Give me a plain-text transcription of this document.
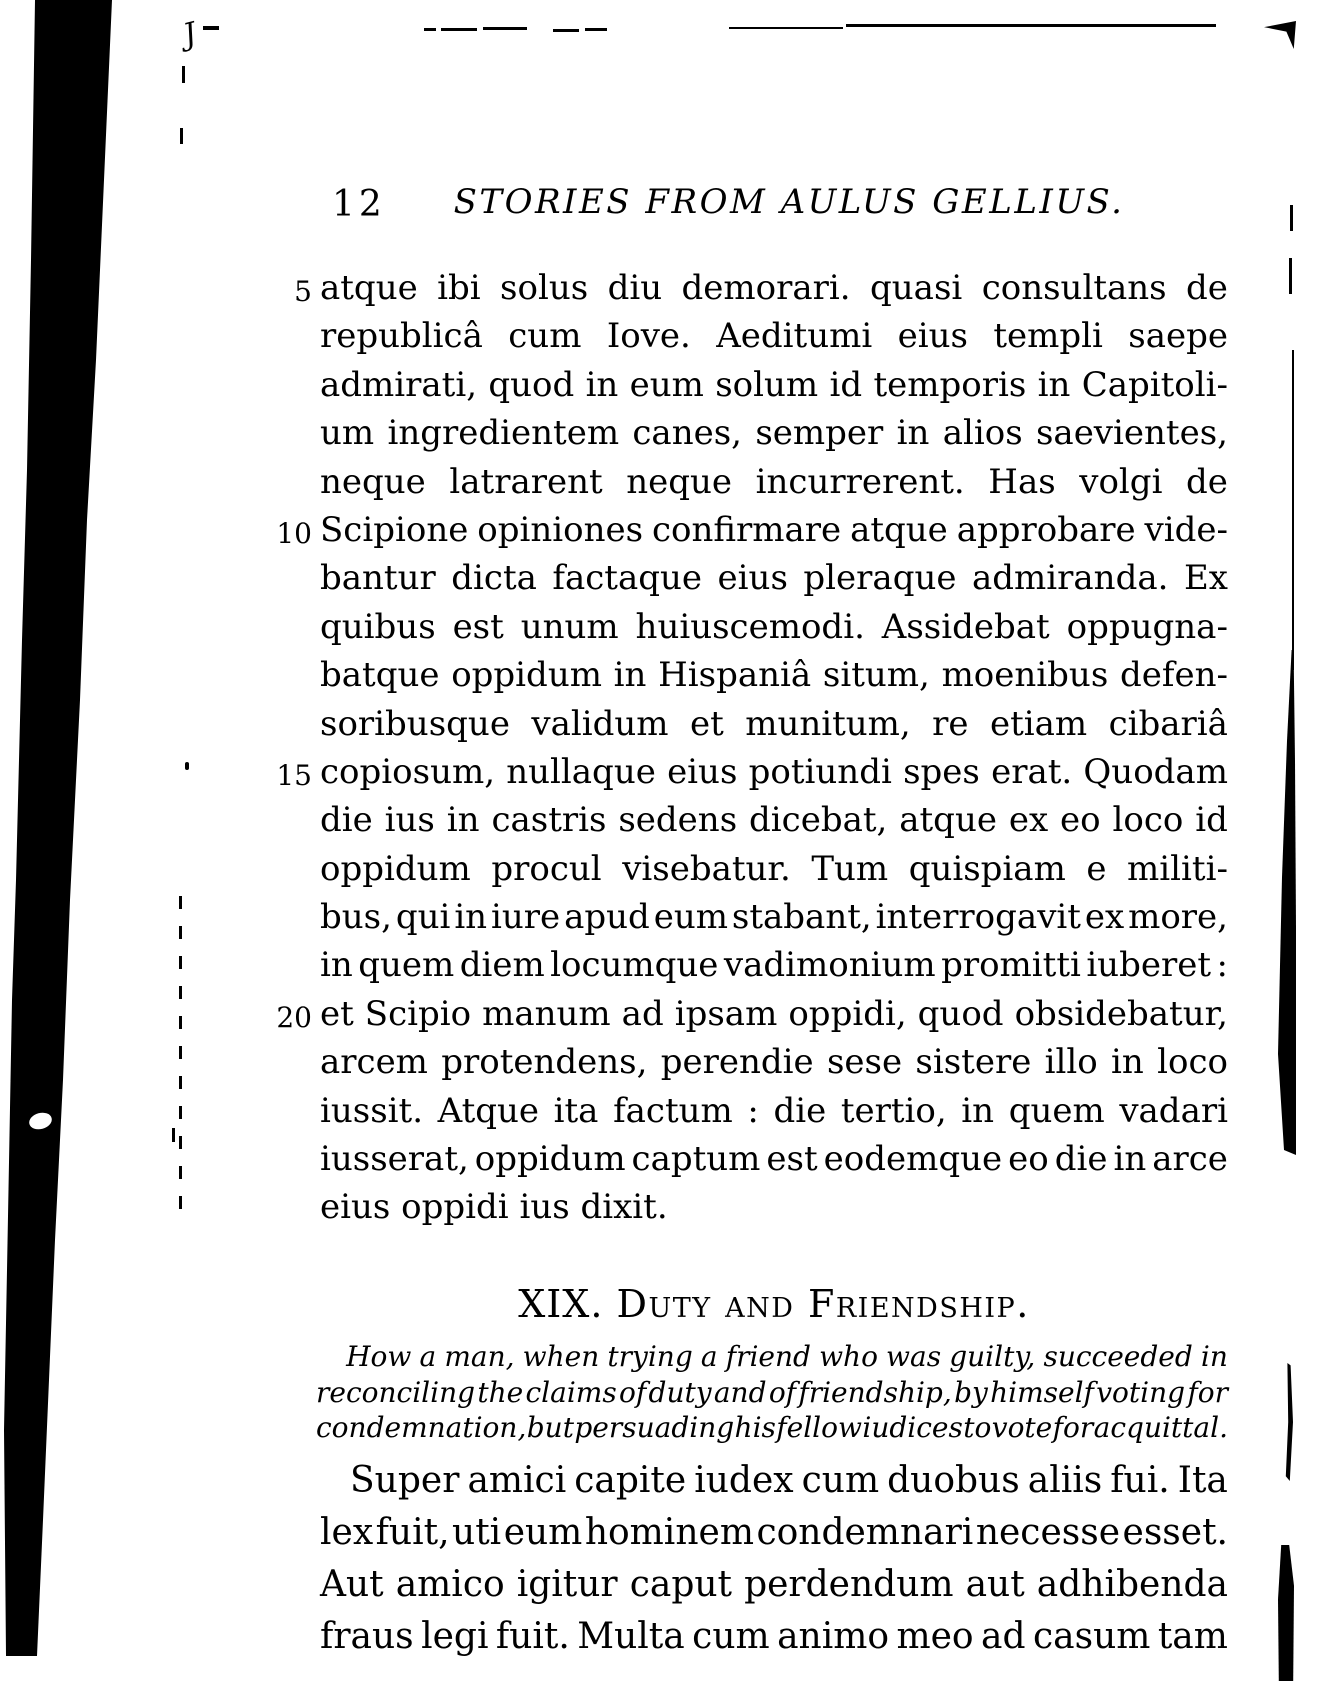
J
12	STORIES FROM AULUS GELLIUS.
5 atque ibi solus diu demorari. quasi consultans de
republicâ cum Iove. Aeditumi eius templi saepe
admirati, quod in eum solum id temporis in Capitoli-
um ingredientem canes, semper in alios saevientes,
neque latrarent neque incurrerent. Has volgi de
10 Scipione opiniones confirmare atque approbare vide-
bantur dicta factaque eius pleraque admiranda. Ex
quibus est unum huiuscemodi. Assidebat oppugna-
batque oppidum in Hispaniâ situm, moenibus defen-
soribusque validum et munitum, re etiam cibariâ
15 copiosum, nullaque eius potiundi spes erat. Quodam
die ius in castris sedens dicebat, atque ex eo loco id
oppidum procul visebatur. Tum quispiam e militi-
bus, qui in iure apud eum stabant, interrogavit ex more,
in quem diem locumque vadimonium promitti iuberet :
20 et Scipio manum ad ipsam oppidi, quod obsidebatur,
arcem protendens, perendie sese sistere illo in loco
iussit. Atque ita factum : die tertio, in quem vadari
iusserat, oppidum captum est eodemque eo die in arce
eius oppidi ius dixit.
XIX. Duty and Friendship.
How a man, when trying a friend who was guilty, succeeded in
reconciling the claims of duty and of friendship, by himself voting for
condemnation, but persuading his fellow iudices to vote for acquittal.
Super amici capite iudex cum duobus aliis fui. Ita
lex fuit, uti eum hominem condemnari necesse esset.
Aut amico igitur caput perdendum aut adhibenda
fraus legi fuit. Multa cum animo meo ad casum tam
